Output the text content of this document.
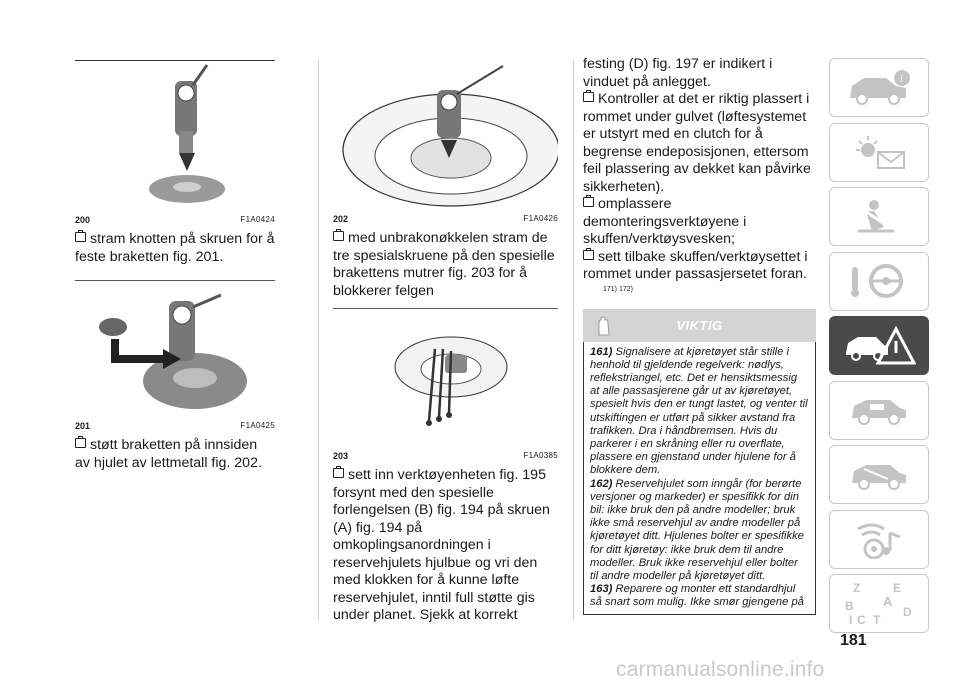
200	F1A0424

stram knotten på skruen for å feste braketten fig. 201.

201	F1A0425

støtt braketten på innsiden av hjulet av lettmetall fig. 202.

202	F1A0426

med unbrakonøkkelen stram de tre spesialskruene på den spesielle brakettens mutrer fig. 203 for å blokkerer felgen

203	F1A0385

sett inn verktøyenheten fig. 195 forsynt med den spesielle forlengelsen (B) fig. 194 på skruen (A) fig. 194 på omkoplingsanordningen i reservehjulets hjulbue og vri den med klokken for å kunne løfte reservehjulet, inntil full støtte gis under planet. Sjekk at korrekt

festing (D) fig. 197 er indikert i vinduet på anlegget.

Kontroller at det er riktig plassert i rommet under gulvet (løftesystemet er utstyrt med en clutch for å begrense endeposisjonen, ettersom feil plassering av dekket kan påvirke sikkerheten).

omplassere demonteringsverktøyene i skuffen/verktøysvesken;

sett tilbake skuffen/verktøysettet i rommet under passasjersetet foran.

171) 172)
VIKTIG
161) Signalisere at kjøretøyet står stille i henhold til gjeldende regelverk: nødlys, reflekstriangel, etc. Det er hensiktsmessig at alle passasjerene går ut av kjøretøyet, spesielt hvis den er tungt lastet, og venter til utskiftingen er utført på sikker avstand fra trafikken. Dra i håndbremsen. Hvis du parkerer i en skråning eller ru overflate, plassere en gjenstand under hjulene for å blokkere dem.
162) Reservehjulet som inngår (for berørte versjoner og markeder) er spesifikk for din bil: ikke bruk den på andre modeller; bruk ikke små reservehjul av andre modeller på kjøretøyet ditt. Hjulenes bolter er spesifikke for ditt kjøretøy: ikke bruk dem til andre modeller. Bruk ikke reservehjul eller bolter til andre modeller på kjøretøyet ditt.
163) Reparere og monter ett standardhjul så snart som mulig. Ikke smør gjengene på
i
Z	E
A
B
C T
D
I
181
carmanualsonline.info
